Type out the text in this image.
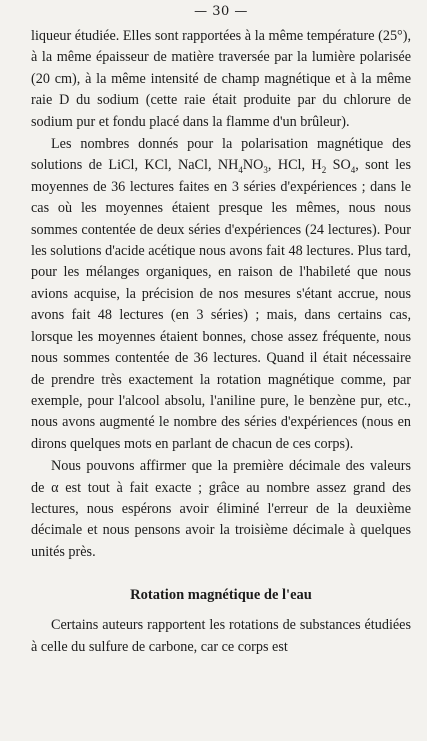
— 30 —

liqueur étudiée. Elles sont rapportées à la même température (25°), à la même épaisseur de matière traversée par la lumière polarisée (20 cm), à la même intensité de champ magnétique et à la même raie D du sodium (cette raie était produite par du chlorure de sodium pur et fondu placé dans la flamme d'un brûleur).

Les nombres donnés pour la polarisation magnétique des solutions de LiCl, KCl, NaCl, $NH_4NO_3$, HCl, $H_2$ $SO_4$, sont les moyennes de 36 lectures faites en 3 séries d'expériences ; dans le cas où les moyennes étaient presque les mêmes, nous nous sommes contentée de deux séries d'expériences (24 lectures). Pour les solutions d'acide acétique nous avons fait 48 lectures. Plus tard, pour les mélanges organiques, en raison de l'habileté que nous avions acquise, la précision de nos mesures s'étant accrue, nous avons fait 48 lectures (en 3 séries) ; mais, dans certains cas, lorsque les moyennes étaient bonnes, chose assez fréquente, nous nous sommes contentée de 36 lectures. Quand il était nécessaire de prendre très exactement la rotation magnétique comme, par exemple, pour l'alcool absolu, l'aniline pure, le benzène pur, etc., nous avons augmenté le nombre des séries d'expériences (nous en dirons quelques mots en parlant de chacun de ces corps).

Nous pouvons affirmer que la première décimale des valeurs de α est tout à fait exacte ; grâce au nombre assez grand des lectures, nous espérons avoir éliminé l'erreur de la deuxième décimale et nous pensons avoir la troisième décimale à quelques unités près.

Rotation magnétique de l'eau

Certains auteurs rapportent les rotations de substances étudiées à celle du sulfure de carbone, car ce corps est
